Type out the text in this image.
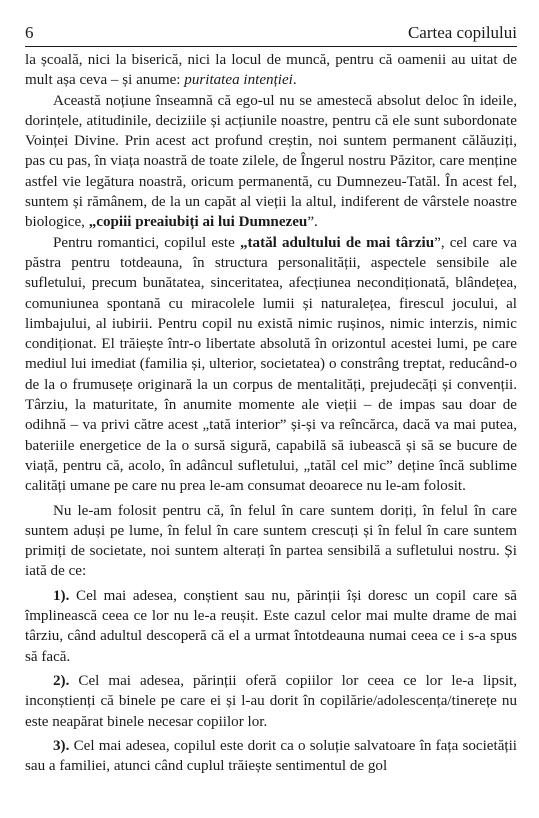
6	Cartea copilului

la școală, nici la biserică, nici la locul de muncă, pentru că oamenii au uitat de mult așa ceva – și anume: puritatea intenției.

Această noțiune înseamnă că ego-ul nu se amestecă absolut deloc în ideile, dorințele, atitudinile, deciziile și acțiunile noastre, pentru că ele sunt subordonate Voinței Divine. Prin acest act profund creștin, noi suntem permanent călăuziți, pas cu pas, în viața noastră de toate zilele, de Îngerul nostru Păzitor, care menține astfel vie legătura noastră, oricum permanentă, cu Dumnezeu-Tatăl. În acest fel, suntem și rămânem, de la un capăt al vieții la altul, indiferent de vârstele noastre biologice, „copiii preaiubiți ai lui Dumnezeu”.

Pentru romantici, copilul este „tatăl adultului de mai târziu”, cel care va păstra pentru totdeauna, în structura personalității, aspectele sensibile ale sufletului, precum bunătatea, sinceritatea, afecțiunea necondiționată, blândețea, comuniunea spontană cu miracolele lumii și naturalețea, firescul jocului, al limbajului, al iubirii. Pentru copil nu există nimic rușinos, nimic interzis, nimic condiționat. El trăiește într-o libertate absolută în orizontul acestei lumi, pe care mediul lui imediat (familia și, ulterior, societatea) o constrâng treptat, reducând-o de la o frumusețe originară la un corpus de mentalități, prejudecăți și convenții. Târziu, la maturitate, în anumite momente ale vieții – de impas sau doar de odihnă – va privi către acest „tată interior” și-și va reîncărca, dacă va mai putea, bateriile energetice de la o sursă sigură, capabilă să iubească și să se bucure de viață, pentru că, acolo, în adâncul sufletului, „tatăl cel mic” deține încă sublime calități umane pe care nu prea le-am consumat deoarece nu le-am folosit.

Nu le-am folosit pentru că, în felul în care suntem doriți, în felul în care suntem aduși pe lume, în felul în care suntem crescuți și în felul în care suntem primiți de societate, noi suntem alterați în partea sensibilă a sufletului nostru. Și iată de ce:

1). Cel mai adesea, conștient sau nu, părinții își doresc un copil care să împlinească ceea ce lor nu le-a reușit. Este cazul celor mai multe drame de mai târziu, când adultul descoperă că el a urmat întotdeauna numai ceea ce i s-a spus să facă.

2). Cel mai adesea, părinții oferă copiilor lor ceea ce lor le-a lipsit, inconștienți că binele pe care ei și l-au dorit în copilărie/adolescența/tinerețe nu este neapărat binele necesar copiilor lor.

3). Cel mai adesea, copilul este dorit ca o soluție salvatoare în fața societății sau a familiei, atunci când cuplul trăiește sentimentul de gol
